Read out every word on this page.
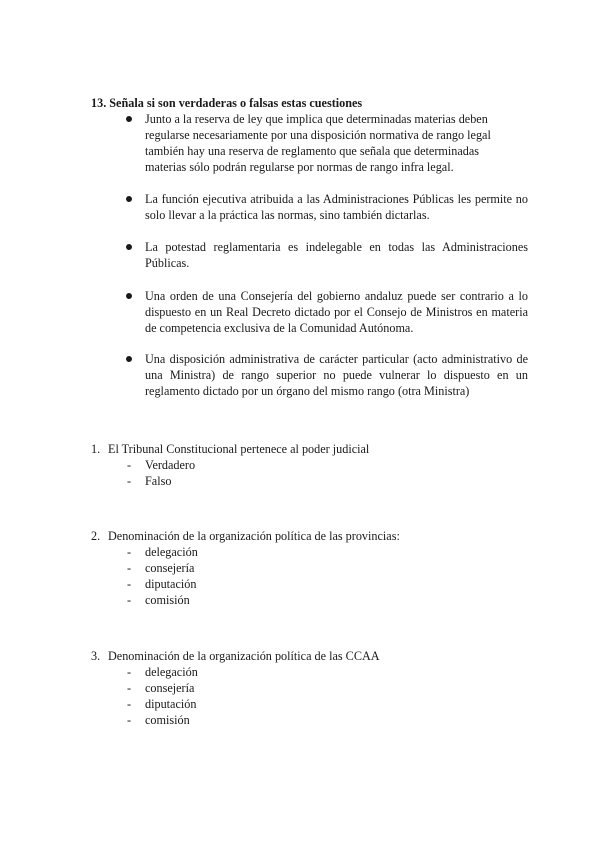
13. Señala si son verdaderas o falsas estas cuestiones
Junto a la reserva de ley que implica que determinadas materias deben regularse necesariamente por una disposición normativa de rango legal también hay una reserva de reglamento que señala que determinadas materias sólo podrán regularse por normas de rango infra legal.
La función ejecutiva atribuida a las Administraciones Públicas les permite no solo llevar a la práctica las normas, sino también dictarlas.
La potestad reglamentaria es indelegable en todas las Administraciones Públicas.
Una orden de una Consejería del gobierno andaluz puede ser contrario a lo dispuesto en un Real Decreto dictado por el Consejo de Ministros en materia de competencia exclusiva de la Comunidad Autónoma.
Una disposición administrativa de carácter particular (acto administrativo de una Ministra) de rango superior no puede vulnerar lo dispuesto en un reglamento dictado por un órgano del mismo rango (otra Ministra)
1. El Tribunal Constitucional pertenece al poder judicial
-	Verdadero
-	Falso
2. Denominación de la organización política de las provincias:
-	delegación
-	consejería
-	diputación
-	comisión
3. Denominación de la organización política de las CCAA
-	delegación
-	consejería
-	diputación
-	comisión
